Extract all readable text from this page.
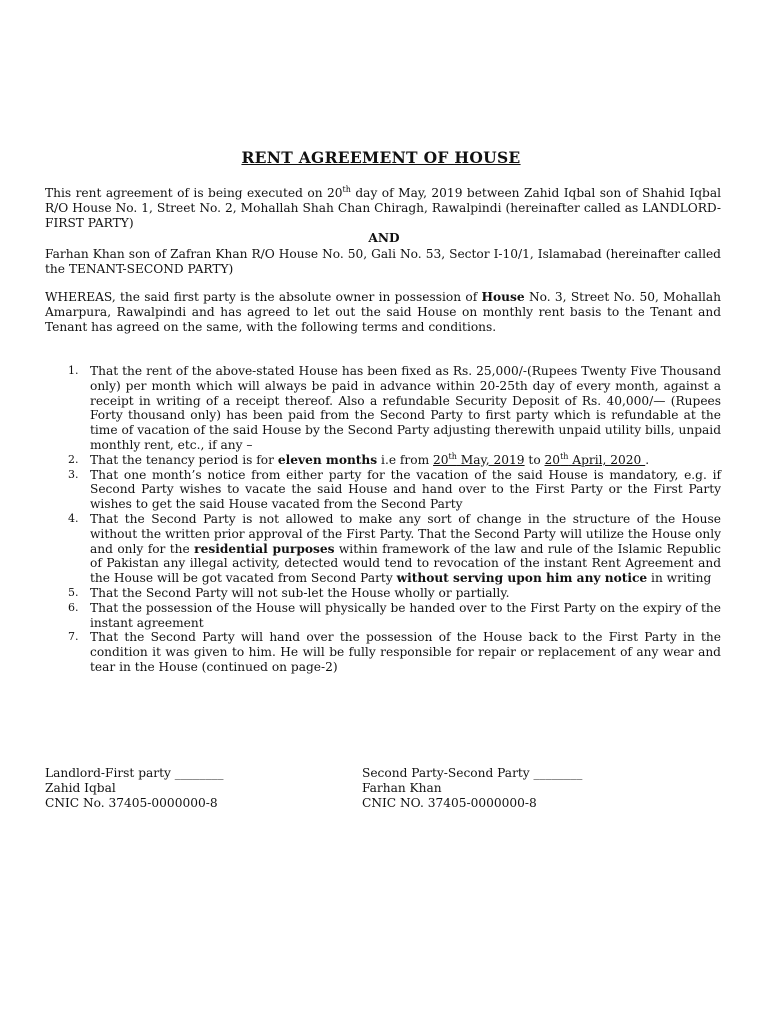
RENT AGREEMENT OF HOUSE
This rent agreement of is being executed on 20th day of May, 2019 between Zahid Iqbal son of Shahid Iqbal R/O House No. 1, Street No. 2, Mohallah Shah Chan Chiragh, Rawalpindi (hereinafter called as LANDLORD-FIRST PARTY)
AND
Farhan Khan son of Zafran Khan R/O House No. 50, Gali No. 53, Sector I-10/1, Islamabad (hereinafter called the TENANT-SECOND PARTY)
WHEREAS, the said first party is the absolute owner in possession of House No. 3, Street No. 50, Mohallah Amarpura, Rawalpindi and has agreed to let out the said House on monthly rent basis to the Tenant and Tenant has agreed on the same, with the following terms and conditions.
1. That the rent of the above-stated House has been fixed as Rs. 25,000/-(Rupees Twenty Five Thousand only) per month which will always be paid in advance within 20-25th day of every month, against a receipt in writing of a receipt thereof. Also a refundable Security Deposit of Rs. 40,000/— (Rupees Forty thousand only) has been paid from the Second Party to first party which is refundable at the time of vacation of the said House by the Second Party adjusting therewith unpaid utility bills, unpaid monthly rent, etc., if any –
2. That the tenancy period is for eleven months i.e from 20th May, 2019 to 20th April, 2020 .
3. That one month’s notice from either party for the vacation of the said House is mandatory, e.g. if Second Party wishes to vacate the said House and hand over to the First Party or the First Party wishes to get the said House vacated from the Second Party
4. That the Second Party is not allowed to make any sort of change in the structure of the House without the written prior approval of the First Party. That the Second Party will utilize the House only and only for the residential purposes within framework of the law and rule of the Islamic Republic of Pakistan any illegal activity, detected would tend to revocation of the instant Rent Agreement and the House will be got vacated from Second Party without serving upon him any notice in writing
5. That the Second Party will not sub-let the House wholly or partially.
6. That the possession of the House will physically be handed over to the First Party on the expiry of the instant agreement
7. That the Second Party will hand over the possession of the House back to the First Party in the condition it was given to him. He will be fully responsible for repair or replacement of any wear and tear in the House (continued on page-2)
Landlord-First party ________
Zahid Iqbal
CNIC No. 37405-0000000-8
Second Party-Second Party ________
Farhan Khan
CNIC NO. 37405-0000000-8
